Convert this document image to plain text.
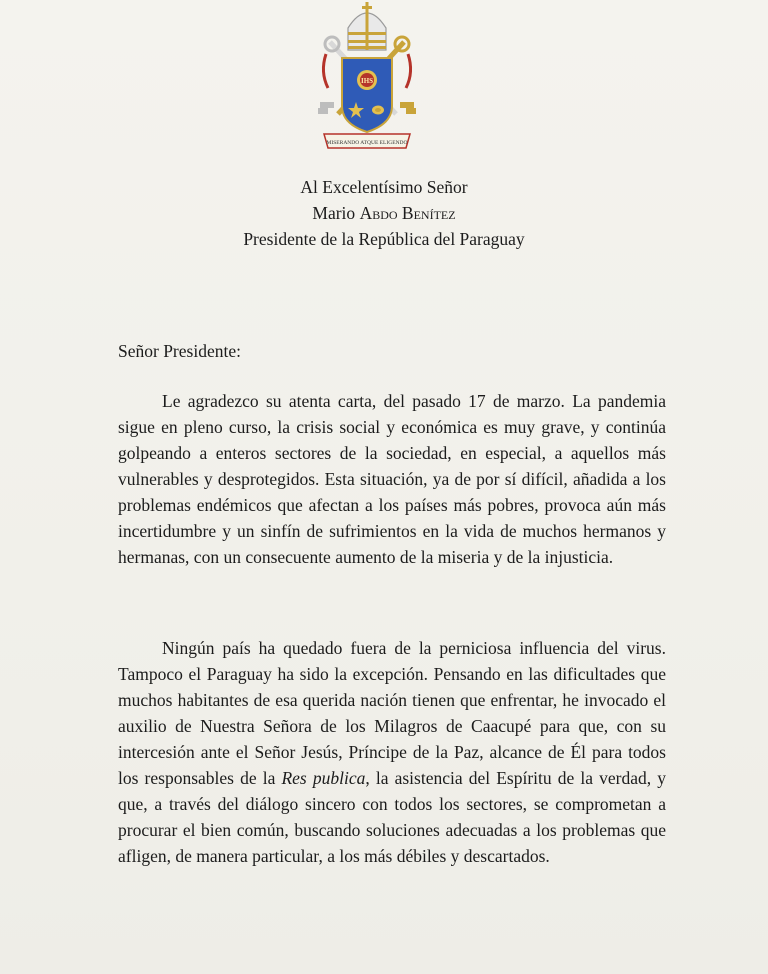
IHS
MISERANDO ATQUE ELIGENDO
Al Excelentísimo Señor
Mario Abdo Benítez
Presidente de la República del Paraguay
Señor Presidente:

Le agradezco su atenta carta, del pasado 17 de marzo. La pandemia sigue en pleno curso, la crisis social y económica es muy grave, y continúa golpeando a enteros sectores de la sociedad, en especial, a aquellos más vulnerables y desprotegidos. Esta situación, ya de por sí difícil, añadida a los problemas endémicos que afectan a los países más pobres, provoca aún más incertidumbre y un sinfín de sufrimientos en la vida de muchos hermanos y hermanas, con un consecuente aumento de la miseria y de la injusticia.

Ningún país ha quedado fuera de la perniciosa influencia del virus. Tampoco el Paraguay ha sido la excepción. Pensando en las dificultades que muchos habitantes de esa querida nación tienen que enfrentar, he invocado el auxilio de Nuestra Señora de los Milagros de Caacupé para que, con su intercesión ante el Señor Jesús, Príncipe de la Paz, alcance de Él para todos los responsables de la Res publica, la asistencia del Espíritu de la verdad, y que, a través del diálogo sincero con todos los sectores, se comprometan a procurar el bien común, buscando soluciones adecuadas a los problemas que afligen, de manera particular, a los más débiles y descartados.
